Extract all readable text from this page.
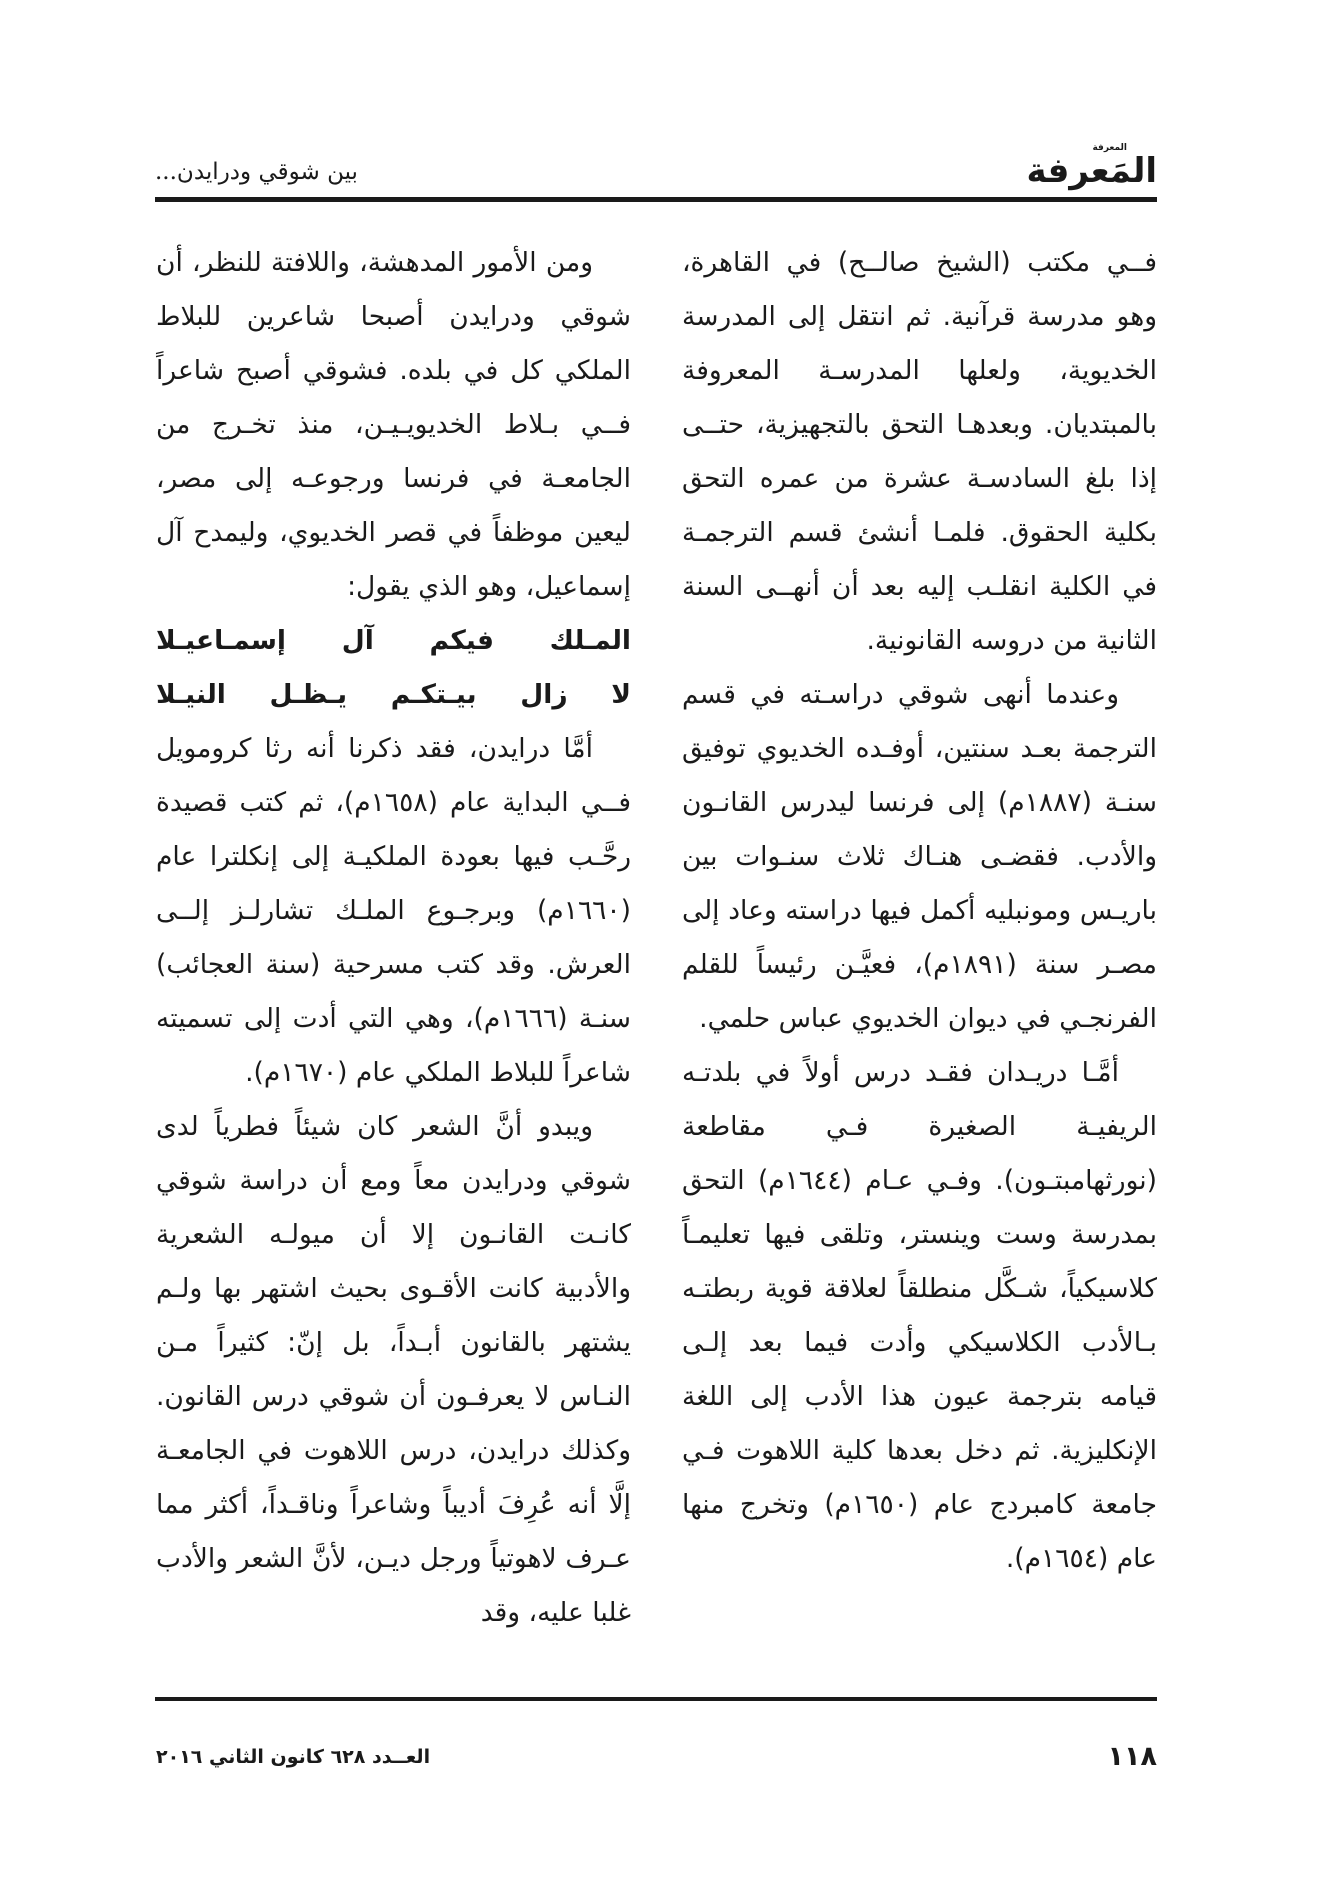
المَعرفة
المعرفة
بين شوقي ودرايدن...

فــي مكتب (الشيخ صالــح) في القاهرة، وهو مدرسة قرآنية. ثم انتقل إلى المدرسة الخديوية، ولعلها المدرسـة المعروفة بالمبتديان. وبعدهـا التحق بالتجهيزية، حتــى إذا بلغ السادسـة عشرة من عمره التحق بكلية الحقوق. فلمـا أنشئ قسم الترجمـة في الكلية انقلـب إليه بعد أن أنهــى السنة الثانية من دروسه القانونية.

وعندما أنهى شوقي دراسـته في قسم الترجمة بعـد سنتين، أوفـده الخديوي توفيق سنـة (١٨٨٧م) إلى فرنسا ليدرس القانـون والأدب. فقضـى هنـاك ثلاث سنـوات بين باريـس ومونبليه أكمل فيها دراسته وعاد إلى مصـر سنة (١٨٩١م)، فعيَّـن رئيساً للقلم الفرنجـي في ديوان الخديوي عباس حلمي.

أمَّـا دريـدان فقـد درس أولاً في بلدتـه الريفيـة الصغيرة فـي مقاطعة (نورثهامبتـون). وفـي عـام (١٦٤٤م) التحق بمدرسة وست وينستر، وتلقى فيها تعليمـاً كلاسيكياً، شـكَّل منطلقاً لعلاقة قوية ربطتـه بـالأدب الكلاسيكي وأدت فيما بعد إلـى قيامه بترجمة عيون هذا الأدب إلى اللغة الإنكليزية. ثم دخل بعدها كلية اللاهوت فـي جامعة كامبردج عام (١٦٥٠م) وتخرج منها عام (١٦٥٤م).

ومن الأمور المدهشة، واللافتة للنظر، أن شوقي ودرايدن أصبحا شاعرين للبلاط الملكي كل في بلده. فشوقي أصبح شاعراً فــي بـلاط الخديويـيـن، منذ تخـرج من الجامعـة في فرنسا ورجوعـه إلى مصر، ليعين موظفاً في قصر الخديوي، وليمدح آل إسماعيل، وهو الذي يقول:

المـلك فيكم آل إسمـاعيـلا

لا زال بيـتكـم يـظـل النيـلا

أمَّا درايدن، فقد ذكرنا أنه رثا كرومويل فــي البداية عام (١٦٥٨م)، ثم كتب قصيدة رحَّـب فيها بعودة الملكيـة إلى إنكلترا عام (١٦٦٠م) وبرجـوع الملـك تشارلـز إلــى العرش. وقد كتب مسرحية (سنة العجائب) سنـة (١٦٦٦م)، وهي التي أدت إلى تسميته شاعراً للبلاط الملكي عام (١٦٧٠م).

ويبدو أنَّ الشعر كان شيئاً فطرياً لدى شوقي ودرايدن معاً ومع أن دراسة شوقي كانـت القانـون إلا أن ميولـه الشعرية والأدبية كانت الأقـوى بحيث اشتهر بها ولـم يشتهر بالقانون أبـداً، بل إنّ: كثيراً مـن النـاس لا يعرفـون أن شوقي درس القانون. وكذلك درايدن، درس اللاهوت في الجامعـة إلَّا أنه عُرِفَ أديباً وشاعراً وناقـداً، أكثر مما عـرف لاهوتياً ورجل ديـن، لأنَّ الشعر والأدب غلبا عليه، وقد

١١٨
العــدد ٦٢٨ كانون الثاني ٢٠١٦
